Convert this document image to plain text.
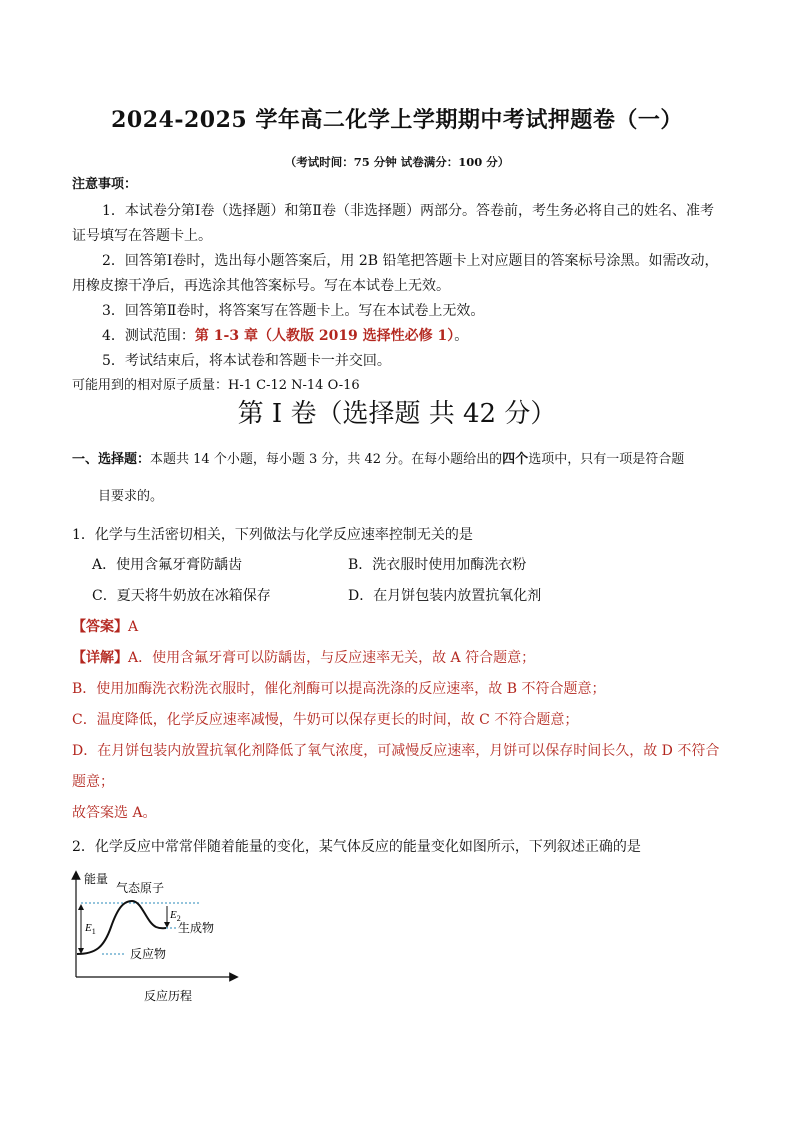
2024-2025 学年高二化学上学期期中考试押题卷（一）
（考试时间：75 分钟 试卷满分：100 分）
注意事项：
1．本试卷分第Ⅰ卷（选择题）和第Ⅱ卷（非选择题）两部分。答卷前，考生务必将自己的姓名、准考
证号填写在答题卡上。
2．回答第Ⅰ卷时，选出每小题答案后，用 2B 铅笔把答题卡上对应题目的答案标号涂黑。如需改动，
用橡皮擦干净后，再选涂其他答案标号。写在本试卷上无效。
3．回答第Ⅱ卷时，将答案写在答题卡上。写在本试卷上无效。
4．测试范围：第 1-3 章（人教版 2019 选择性必修 1）。
5．考试结束后，将本试卷和答题卡一并交回。
可能用到的相对原子质量：H-1 C-12 N-14 O-16
第 I 卷（选择题 共 42 分）
一、选择题：本题共 14 个小题，每小题 3 分，共 42 分。在每小题给出的四个选项中，只有一项是符合题
目要求的。
1．化学与生活密切相关，下列做法与化学反应速率控制无关的是
A．使用含氟牙膏防龋齿	B．洗衣服时使用加酶洗衣粉
C．夏天将牛奶放在冰箱保存	D．在月饼包装内放置抗氧化剂
【答案】A
【详解】A．使用含氟牙膏可以防龋齿，与反应速率无关，故 A 符合题意；
B．使用加酶洗衣粉洗衣服时，催化剂酶可以提高洗涤的反应速率，故 B 不符合题意；
C．温度降低，化学反应速率减慢，牛奶可以保存更长的时间，故 C 不符合题意；
D．在月饼包装内放置抗氧化剂降低了氧气浓度，可减慢反应速率，月饼可以保存时间长久，故 D 不符合
题意；
故答案选 A。
2．化学反应中常常伴随着能量的变化，某气体反应的能量变化如图所示，下列叙述正确的是
能量
反应历程
$E_1$
$E_2$
气态原子
生成物
反应物
